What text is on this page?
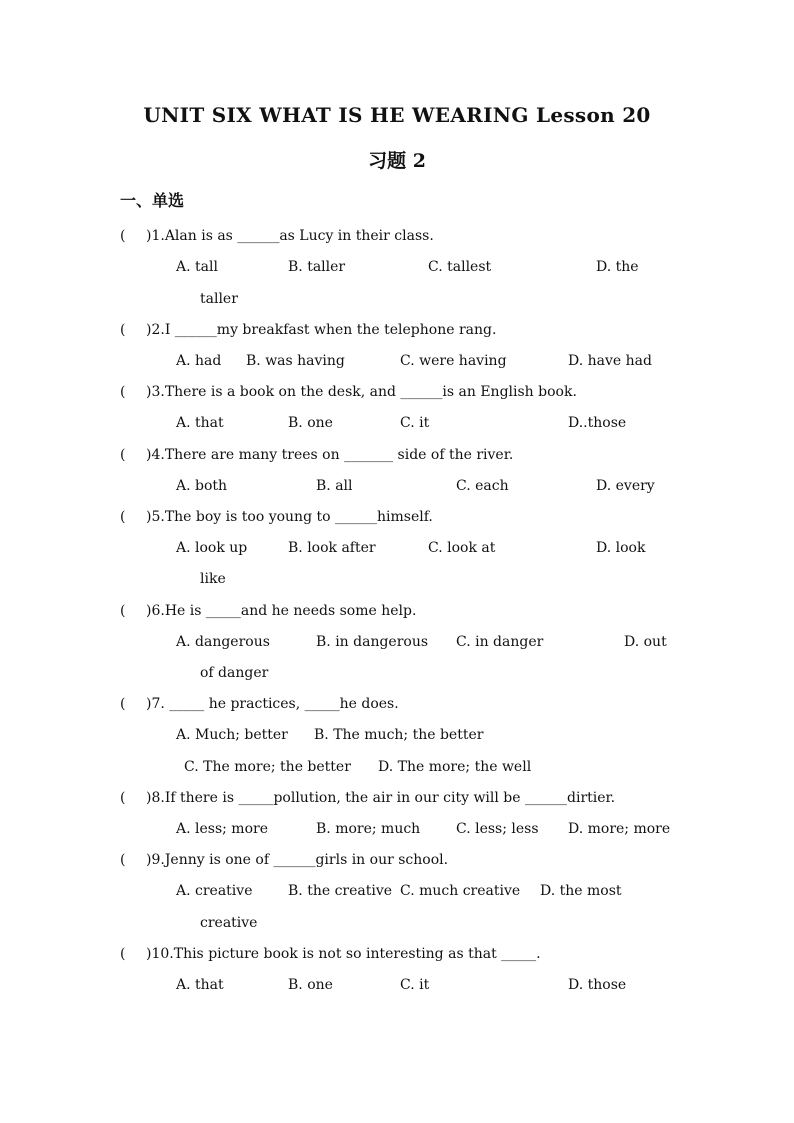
UNIT SIX WHAT IS HE WEARING Lesson 20
习题 2
一、单选
( )1.Alan is as ______as Lucy in their class.
A. tall	B. taller	C. tallest	D. the
taller
( )2.I ______my breakfast when the telephone rang.
A. had B. was having	C. were having	D. have had
( )3.There is a book on the desk, and ______is an English book.
A. that	B. one	C. it	D..those
( )4.There are many trees on _______ side of the river.
A. both	B. all	C. each	D. every
( )5.The boy is too young to ______himself.
A. look up	B. look after	C. look at	D. look
like
( )6.He is _____and he needs some help.
A. dangerous	B. in dangerous C. in danger	D. out
of danger
( )7. _____ he practices, _____he does.
A. Much; better B. The much; the better
C. The more; the better D. The more; the well
( )8.If there is _____pollution, the air in our city will be ______dirtier.
A. less; more	B. more; much	C. less; less D. more; more
( )9.Jenny is one of ______girls in our school.
A. creative	B. the creative C. much creative D. the most
creative
( )10.This picture book is not so interesting as that _____.
A. that	B. one	C. it	D. those
